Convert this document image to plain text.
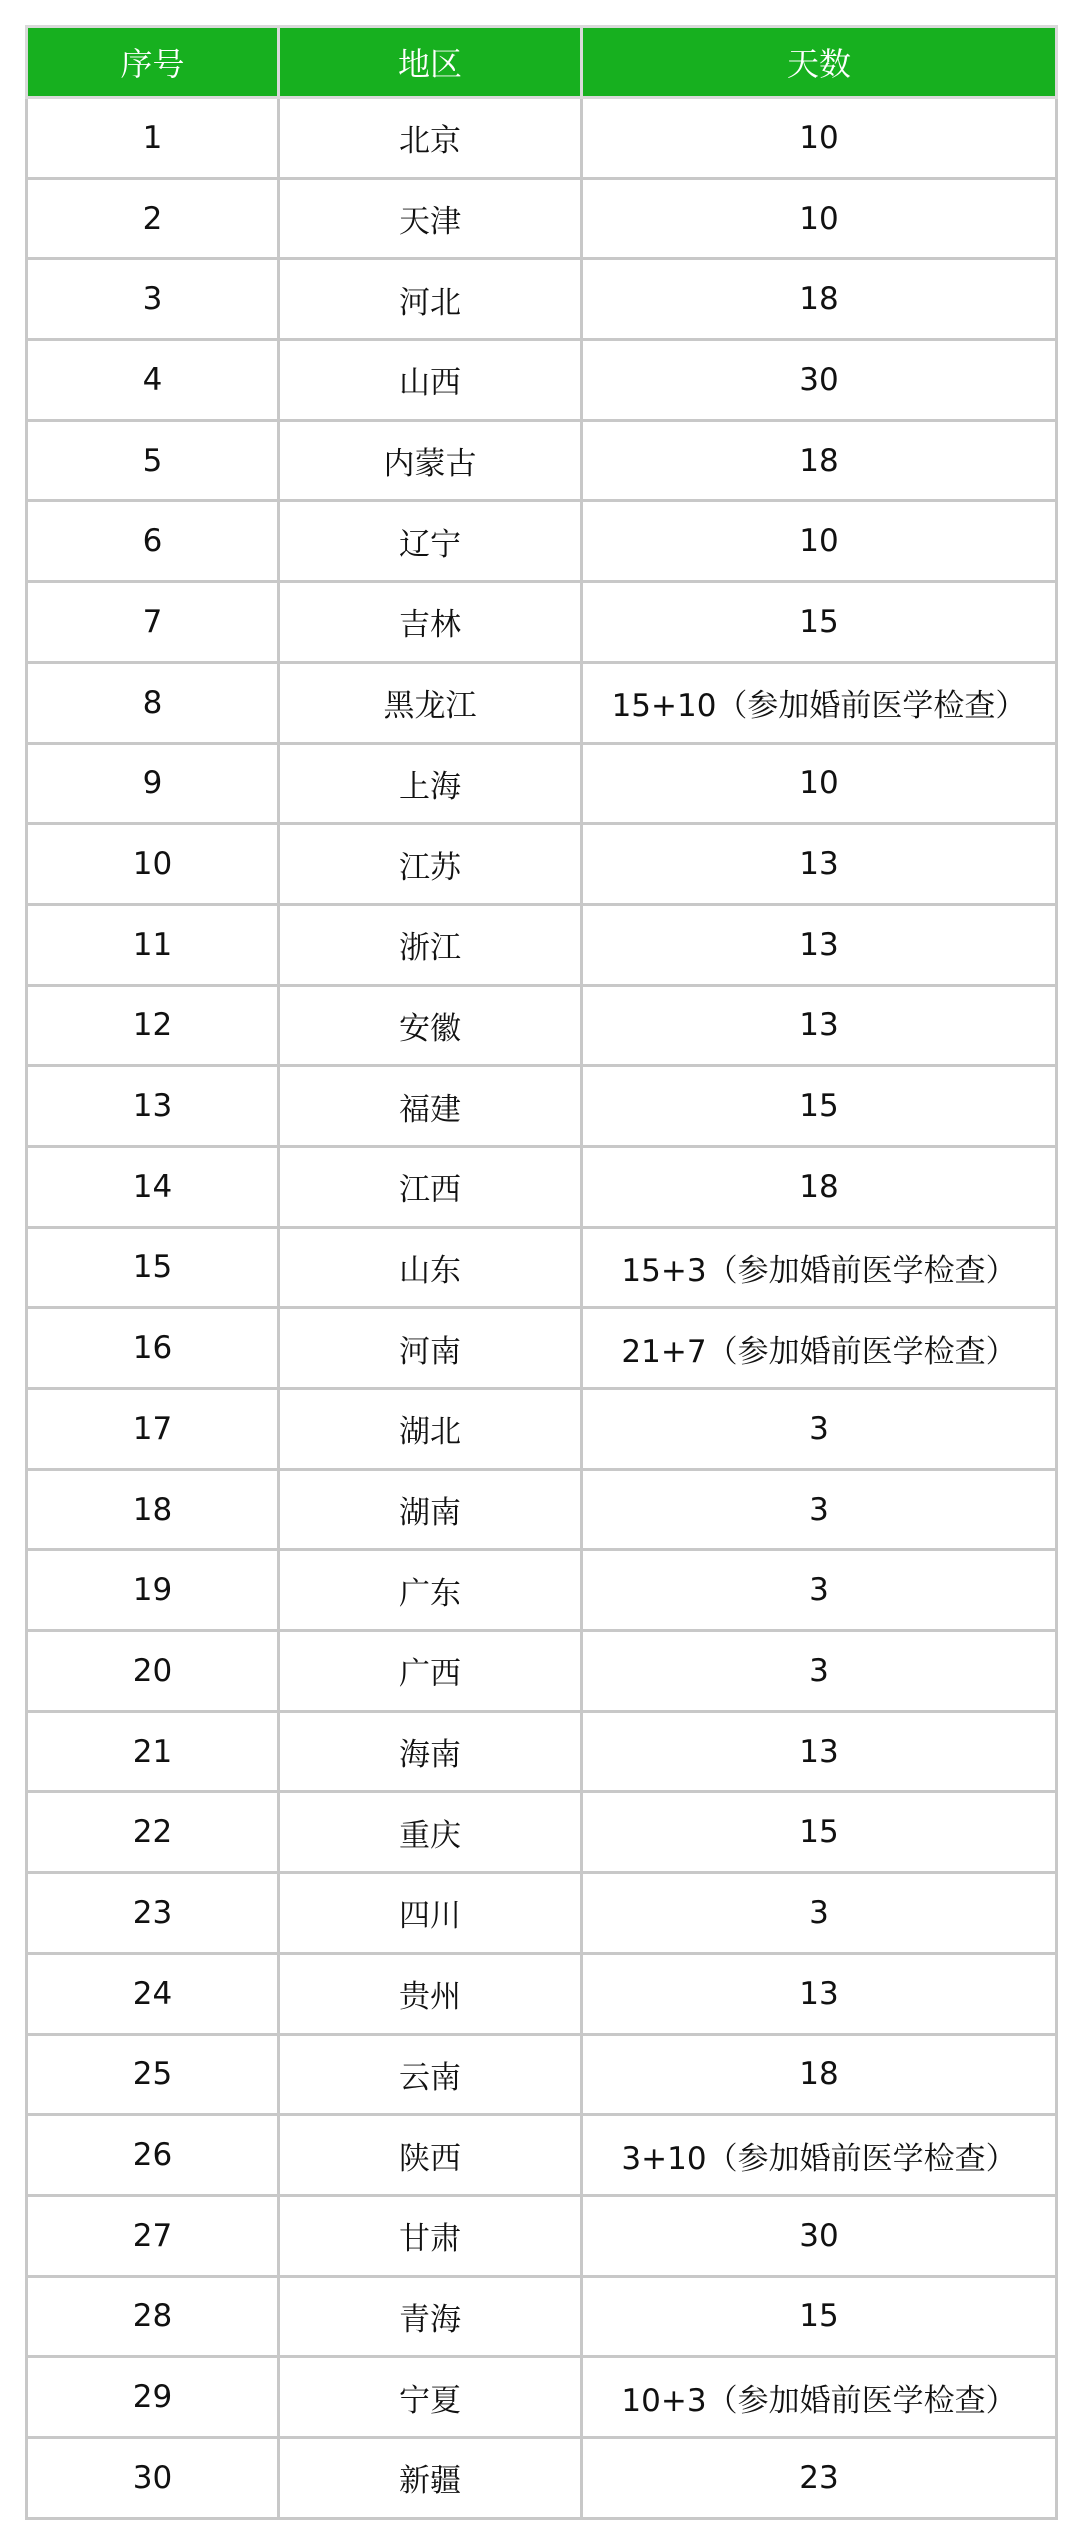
序号	地区	天数
1	北京	10
2	天津	10
3	河北	18
4	山西	30
5	内蒙古	18
6	辽宁	10
7	吉林	15
8	黑龙江	15+10（参加婚前医学检查）
9	上海	10
10	江苏	13
11	浙江	13
12	安徽	13
13	福建	15
14	江西	18
15	山东	15+3（参加婚前医学检查）
16	河南	21+7（参加婚前医学检查）
17	湖北	3
18	湖南	3
19	广东	3
20	广西	3
21	海南	13
22	重庆	15
23	四川	3
24	贵州	13
25	云南	18
26	陕西	3+10（参加婚前医学检查）
27	甘肃	30
28	青海	15
29	宁夏	10+3（参加婚前医学检查）
30	新疆	23
